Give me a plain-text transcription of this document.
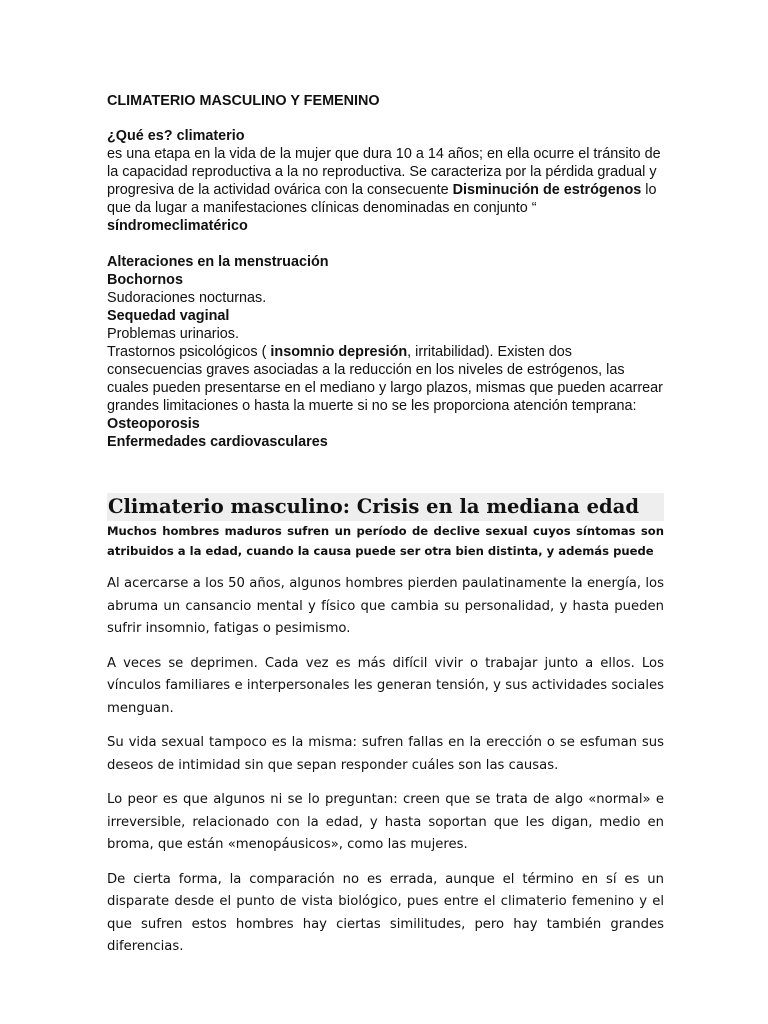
CLIMATERIO MASCULINO Y FEMENINO

¿Qué es? climaterio

es una etapa en la vida de la mujer que dura 10 a 14 años; en ella ocurre el tránsito de la capacidad reproductiva a la no reproductiva. Se caracteriza por la pérdida gradual y progresiva de la actividad ovárica con la consecuente Disminución de estrógenos lo que da lugar a manifestaciones clínicas denominadas en conjunto “ síndromeclimatérico

Alteraciones en la menstruación

Bochornos

Sudoraciones nocturnas.

Sequedad vaginal

Problemas urinarios.

Trastornos psicológicos ( insomnio depresión, irritabilidad). Existen dos consecuencias graves asociadas a la reducción en los niveles de estrógenos, las cuales pueden presentarse en el mediano y largo plazos, mismas que pueden acarrear grandes limitaciones o hasta la muerte si no se les proporciona atención temprana:

Osteoporosis

Enfermedades cardiovasculares

Climaterio masculino: Crisis en la mediana edad

Muchos hombres maduros sufren un período de declive sexual cuyos síntomas son atribuidos a la edad, cuando la causa puede ser otra bien distinta, y además puede

Al acercarse a los 50 años, algunos hombres pierden paulatinamente la energía, los abruma un cansancio mental y físico que cambia su personalidad, y hasta pueden sufrir insomnio, fatigas o pesimismo.

A veces se deprimen. Cada vez es más difícil vivir o trabajar junto a ellos. Los vínculos familiares e interpersonales les generan tensión, y sus actividades sociales menguan.

Su vida sexual tampoco es la misma: sufren fallas en la erección o se esfuman sus deseos de intimidad sin que sepan responder cuáles son las causas.

Lo peor es que algunos ni se lo preguntan: creen que se trata de algo «normal» e irreversible, relacionado con la edad, y hasta soportan que les digan, medio en broma, que están «menopáusicos», como las mujeres.

De cierta forma, la comparación no es errada, aunque el término en sí es un disparate desde el punto de vista biológico, pues entre el climaterio femenino y el que sufren estos hombres hay ciertas similitudes, pero hay también grandes diferencias.
